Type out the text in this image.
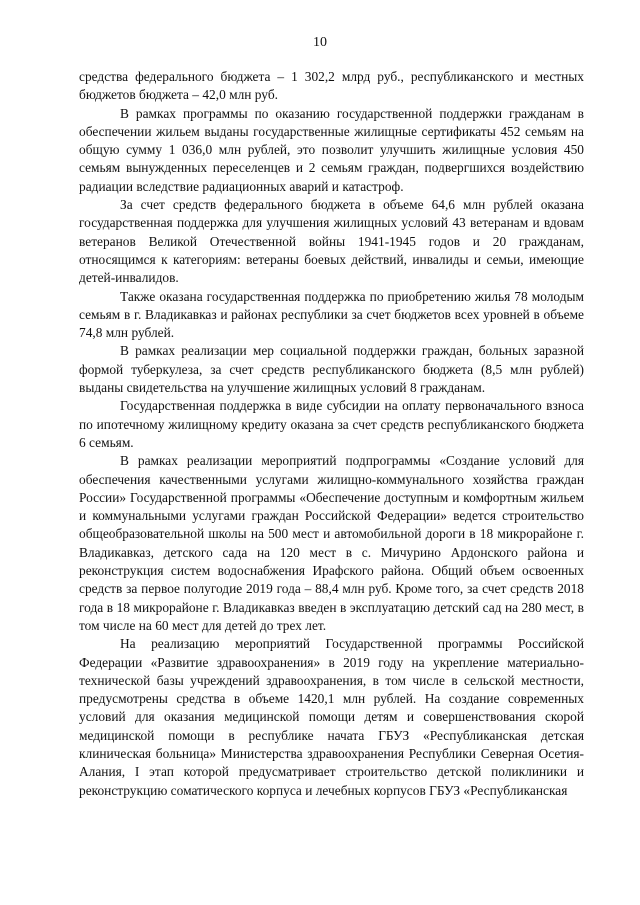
10

средства федерального бюджета – 1 302,2 млрд руб., республиканского и местных бюджетов бюджета – 42,0 млн руб.

В рамках программы по оказанию государственной поддержки гражданам в обеспечении жильем выданы государственные жилищные сертификаты 452 семьям на общую сумму 1 036,0 млн рублей, это позволит улучшить жилищные условия 450 семьям вынужденных переселенцев и 2 семьям граждан, подвергшихся воздействию радиации вследствие радиационных аварий и катастроф.

За счет средств федерального бюджета в объеме 64,6 млн рублей оказана государственная поддержка для улучшения жилищных условий 43 ветеранам и вдовам ветеранов Великой Отечественной войны 1941-1945 годов и 20 гражданам, относящимся к категориям: ветераны боевых действий, инвалиды и семьи, имеющие детей-инвалидов.

Также оказана государственная поддержка по приобретению жилья 78 молодым семьям в г. Владикавказ и районах республики за счет бюджетов всех уровней в объеме 74,8 млн рублей.

В рамках реализации мер социальной поддержки граждан, больных заразной формой туберкулеза, за счет средств республиканского бюджета (8,5 млн рублей) выданы свидетельства на улучшение жилищных условий 8 гражданам.

Государственная поддержка в виде субсидии на оплату первоначального взноса по ипотечному жилищному кредиту оказана за счет средств республиканского бюджета 6 семьям.

В рамках реализации мероприятий подпрограммы «Создание условий для обеспечения качественными услугами жилищно-коммунального хозяйства граждан России» Государственной программы «Обеспечение доступным и комфортным жильем и коммунальными услугами граждан Российской Федерации» ведется строительство общеобразовательной школы на 500 мест и автомобильной дороги в 18 микрорайоне г. Владикавказ, детского сада на 120 мест в с. Мичурино Ардонского района и реконструкция систем водоснабжения Ирафского района. Общий объем освоенных средств за первое полугодие 2019 года – 88,4 млн руб. Кроме того, за счет средств 2018 года в 18 микрорайоне г. Владикавказ введен в эксплуатацию детский сад на 280 мест, в том числе на 60 мест для детей до трех лет.

На реализацию мероприятий Государственной программы Российской Федерации «Развитие здравоохранения» в 2019 году на укрепление материально-технической базы учреждений здравоохранения, в том числе в сельской местности, предусмотрены средства в объеме 1420,1 млн рублей. На создание современных условий для оказания медицинской помощи детям и совершенствования скорой медицинской помощи в республике начата ГБУЗ «Республиканская детская клиническая больница» Министерства здравоохранения Республики Северная Осетия-Алания, I этап которой предусматривает строительство детской поликлиники и реконструкцию соматического корпуса и лечебных корпусов ГБУЗ «Республиканская
